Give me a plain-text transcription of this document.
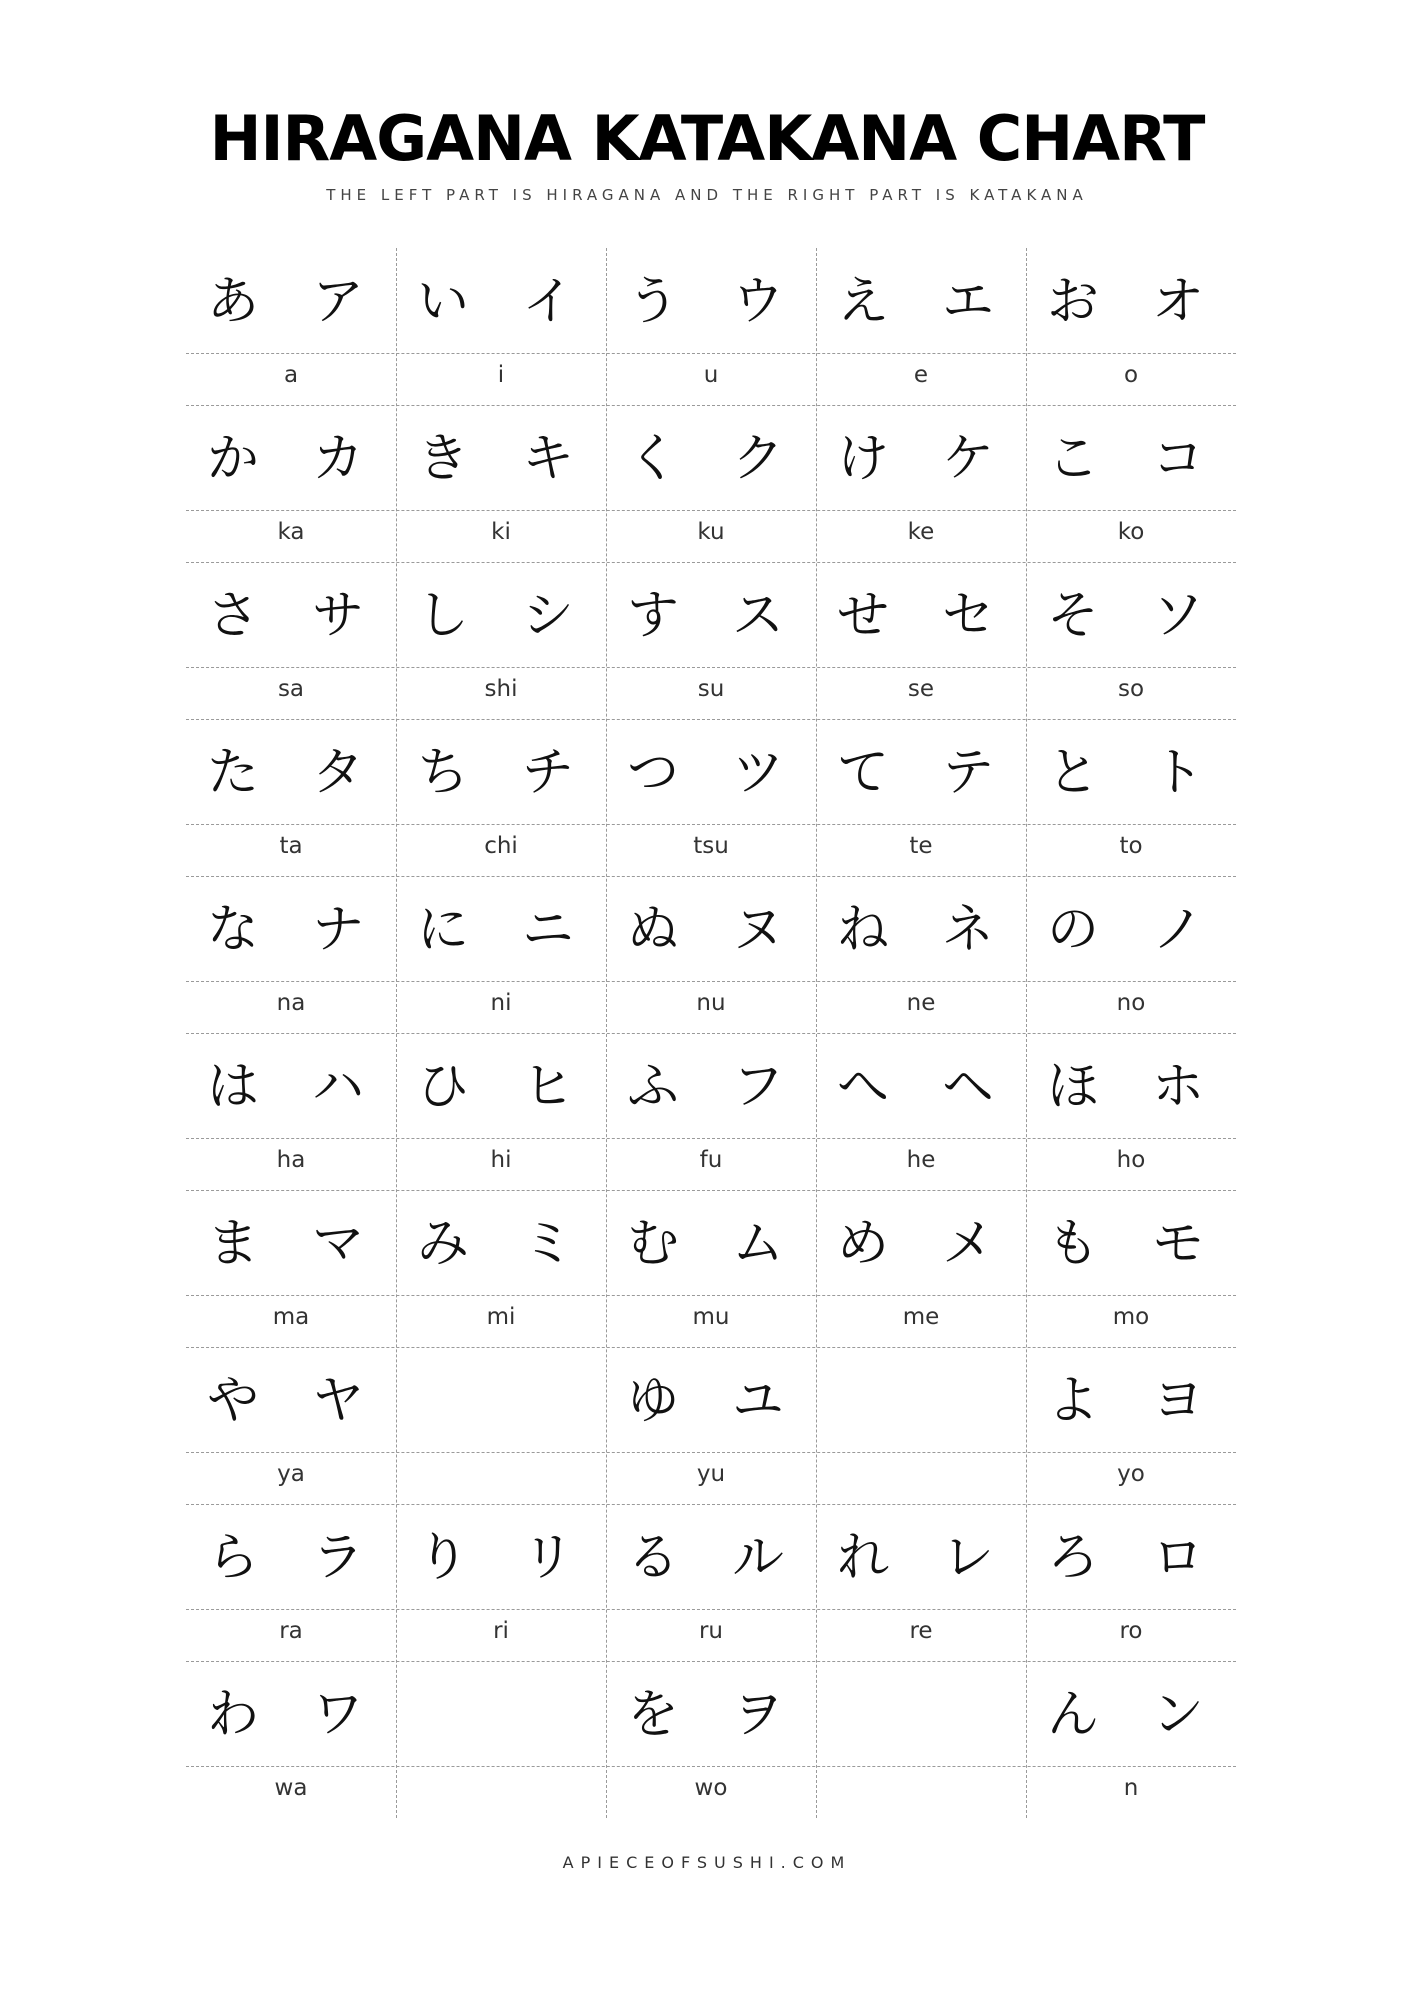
HIRAGANA KATAKANA CHART
THE LEFT PART IS HIRAGANA AND THE RIGHT PART IS KATAKANA
あ ア
a
い イ
i
う ウ
u
え エ
e
お オ
o
か カ
ka
き キ
ki
く ク
ku
け ケ
ke
こ コ
ko
さ サ
sa
し シ
shi
す ス
su
せ セ
se
そ ソ
so
た タ
ta
ち チ
chi
つ ツ
tsu
て テ
te
と ト
to
な ナ
na
に ニ
ni
ぬ ヌ
nu
ね ネ
ne
の ノ
no
は ハ
ha
ひ ヒ
hi
ふ フ
fu
へ ヘ
he
ほ ホ
ho
ま マ
ma
み ミ
mi
む ム
mu
め メ
me
も モ
mo
や ヤ
ya
ゆ ユ
yu
よ ヨ
yo
ら ラ
ra
り リ
ri
る ル
ru
れ レ
re
ろ ロ
ro
わ ワ
wa
を ヲ
wo
ん ン
n
APIECEOFSUSHI.COM
